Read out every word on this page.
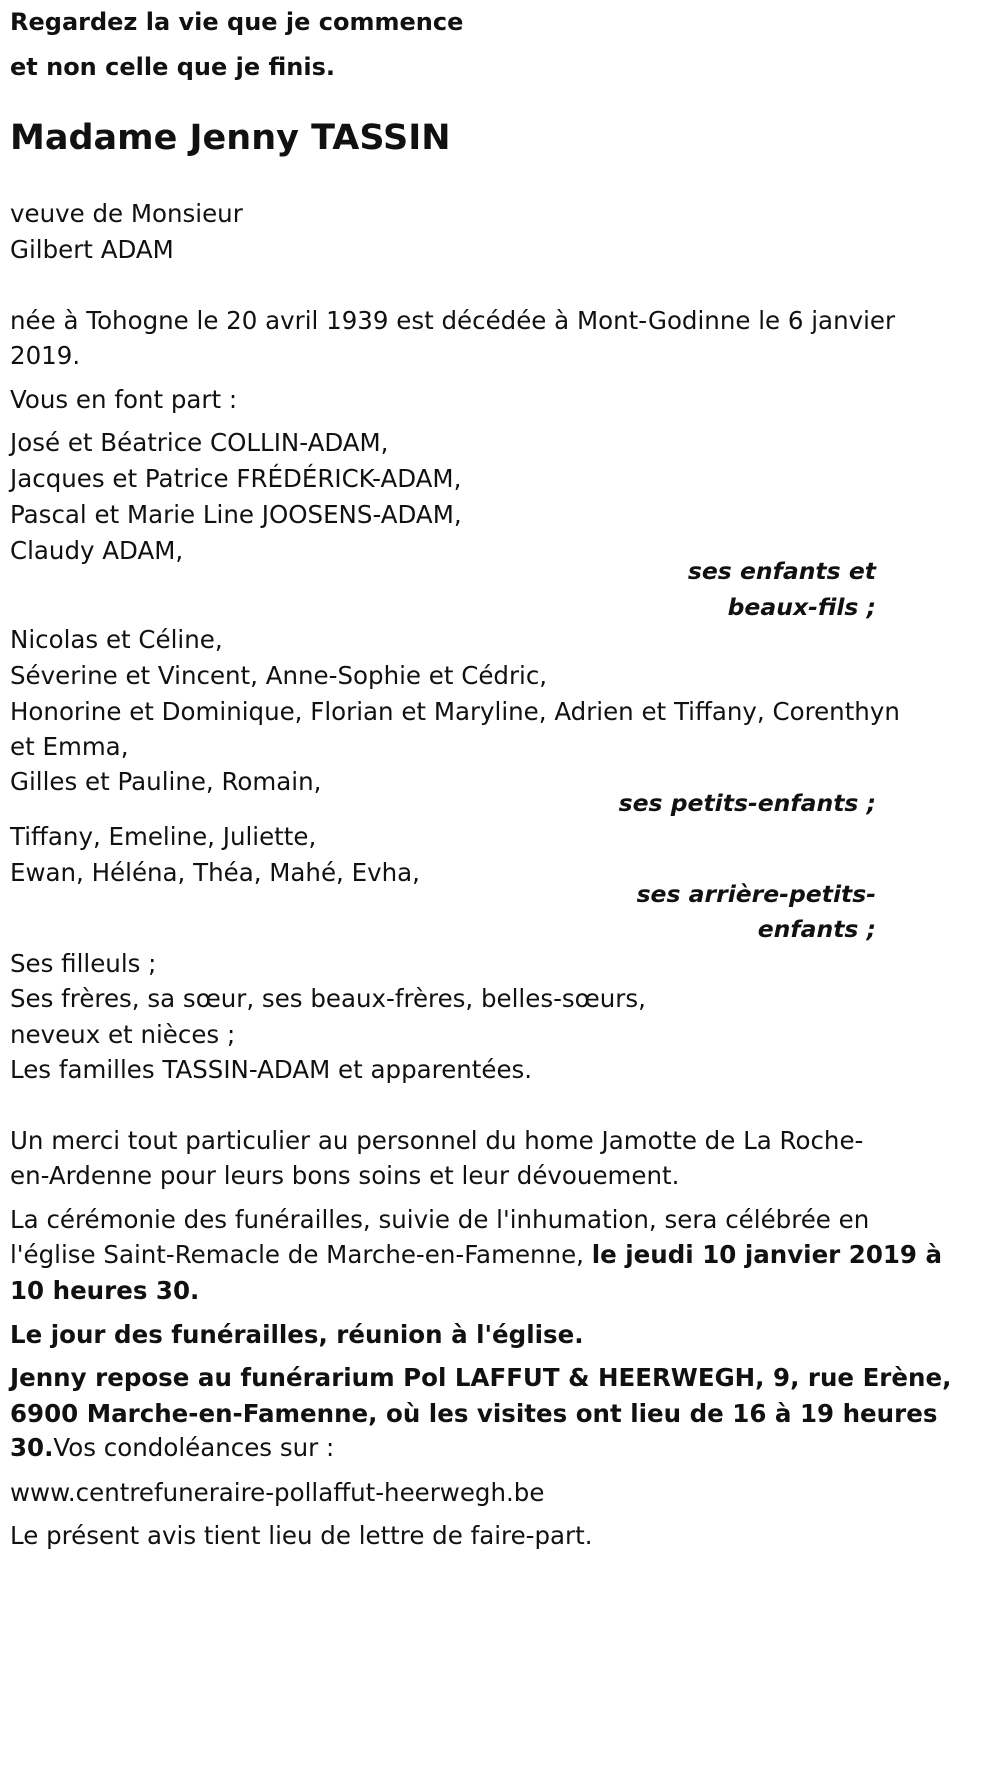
Regardez la vie que je commence
et non celle que je finis.
Madame Jenny TASSIN
veuve de Monsieur
Gilbert ADAM
née à Tohogne le 20 avril 1939 est décédée à Mont-Godinne le 6 janvier
2019.
Vous en font part :
José et Béatrice COLLIN-ADAM,
Jacques et Patrice FRÉDÉRICK-ADAM,
Pascal et Marie Line JOOSENS-ADAM,
Claudy ADAM,
ses enfants et
beaux-fils ;
Nicolas et Céline,
Séverine et Vincent, Anne-Sophie et Cédric,
Honorine et Dominique, Florian et Maryline, Adrien et Tiffany, Corenthyn
et Emma,
Gilles et Pauline, Romain,
ses petits-enfants ;
Tiffany, Emeline, Juliette,
Ewan, Héléna, Théa, Mahé, Evha,
ses arrière-petits-
enfants ;
Ses filleuls ;
Ses frères, sa sœur, ses beaux-frères, belles-sœurs,
neveux et nièces ;
Les familles TASSIN-ADAM et apparentées.
Un merci tout particulier au personnel du home Jamotte de La Roche-
en-Ardenne pour leurs bons soins et leur dévouement.
La cérémonie des funérailles, suivie de l'inhumation, sera célébrée en
l'église Saint-Remacle de Marche-en-Famenne, le jeudi 10 janvier 2019 à
10 heures 30.
Le jour des funérailles, réunion à l'église.
Jenny repose au funérarium Pol LAFFUT & HEERWEGH, 9, rue Erène,
6900 Marche-en-Famenne, où les visites ont lieu de 16 à 19 heures
30.Vos condoléances sur :
www.centrefuneraire-pollaffut-heerwegh.be
Le présent avis tient lieu de lettre de faire-part.
